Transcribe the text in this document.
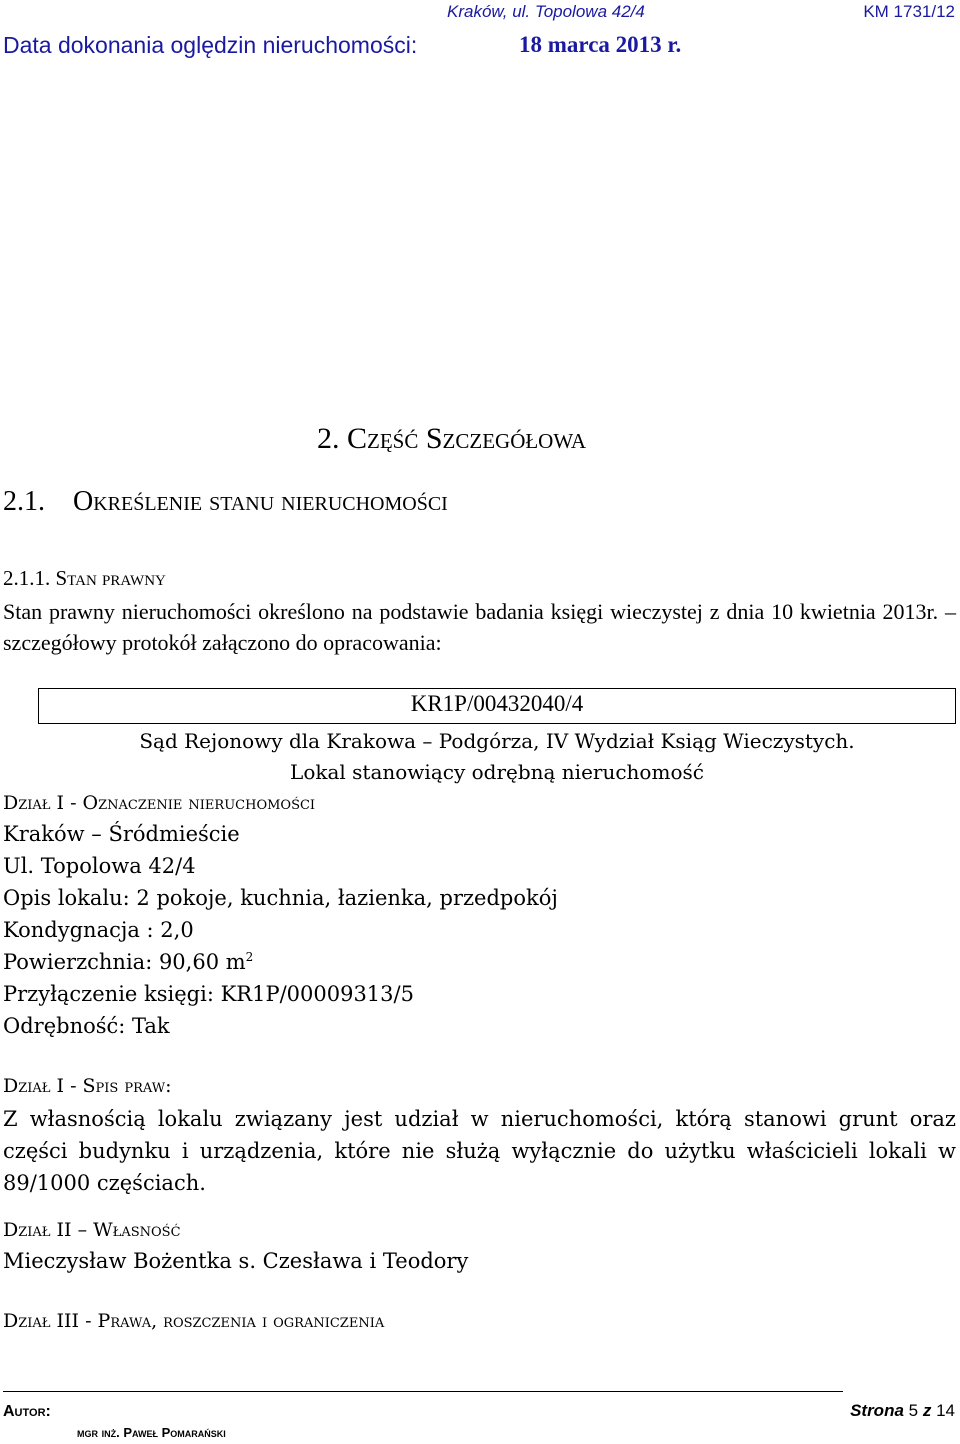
Kraków, ul. Topolowa 42/4	KM 1731/12
Data dokonania oględzin nieruchomości:	18 marca 2013 r.
2. Część Szczegółowa
2.1. Określenie stanu nieruchomości
2.1.1. Stan prawny
Stan prawny nieruchomości określono na podstawie badania księgi wieczystej z dnia 10 kwietnia 2013r. – szczegółowy protokół załączono do opracowania:
KR1P/00432040/4
Sąd Rejonowy dla Krakowa – Podgórza, IV Wydział Ksiąg Wieczystych.
Lokal stanowiący odrębną nieruchomość
Dział I - Oznaczenie nieruchomości
Kraków – Śródmieście
Ul. Topolowa 42/4
Opis lokalu: 2 pokoje, kuchnia, łazienka, przedpokój
Kondygnacja : 2,0
Powierzchnia: 90,60 $m^2$
Przyłączenie księgi: KR1P/00009313/5
Odrębność: Tak
Dział I - Spis praw:
Z własnością lokalu związany jest udział w nieruchomości, którą stanowi grunt oraz części budynku i urządzenia, które nie służą wyłącznie do użytku właścicieli lokali w 89/1000 częściach.
Dział II – Własność
Mieczysław Bożentka s. Czesława i Teodory
Dział III - Prawa, roszczenia i ograniczenia
Autor:
mgr inż. Paweł Pomarański
Strona 5 z 14
